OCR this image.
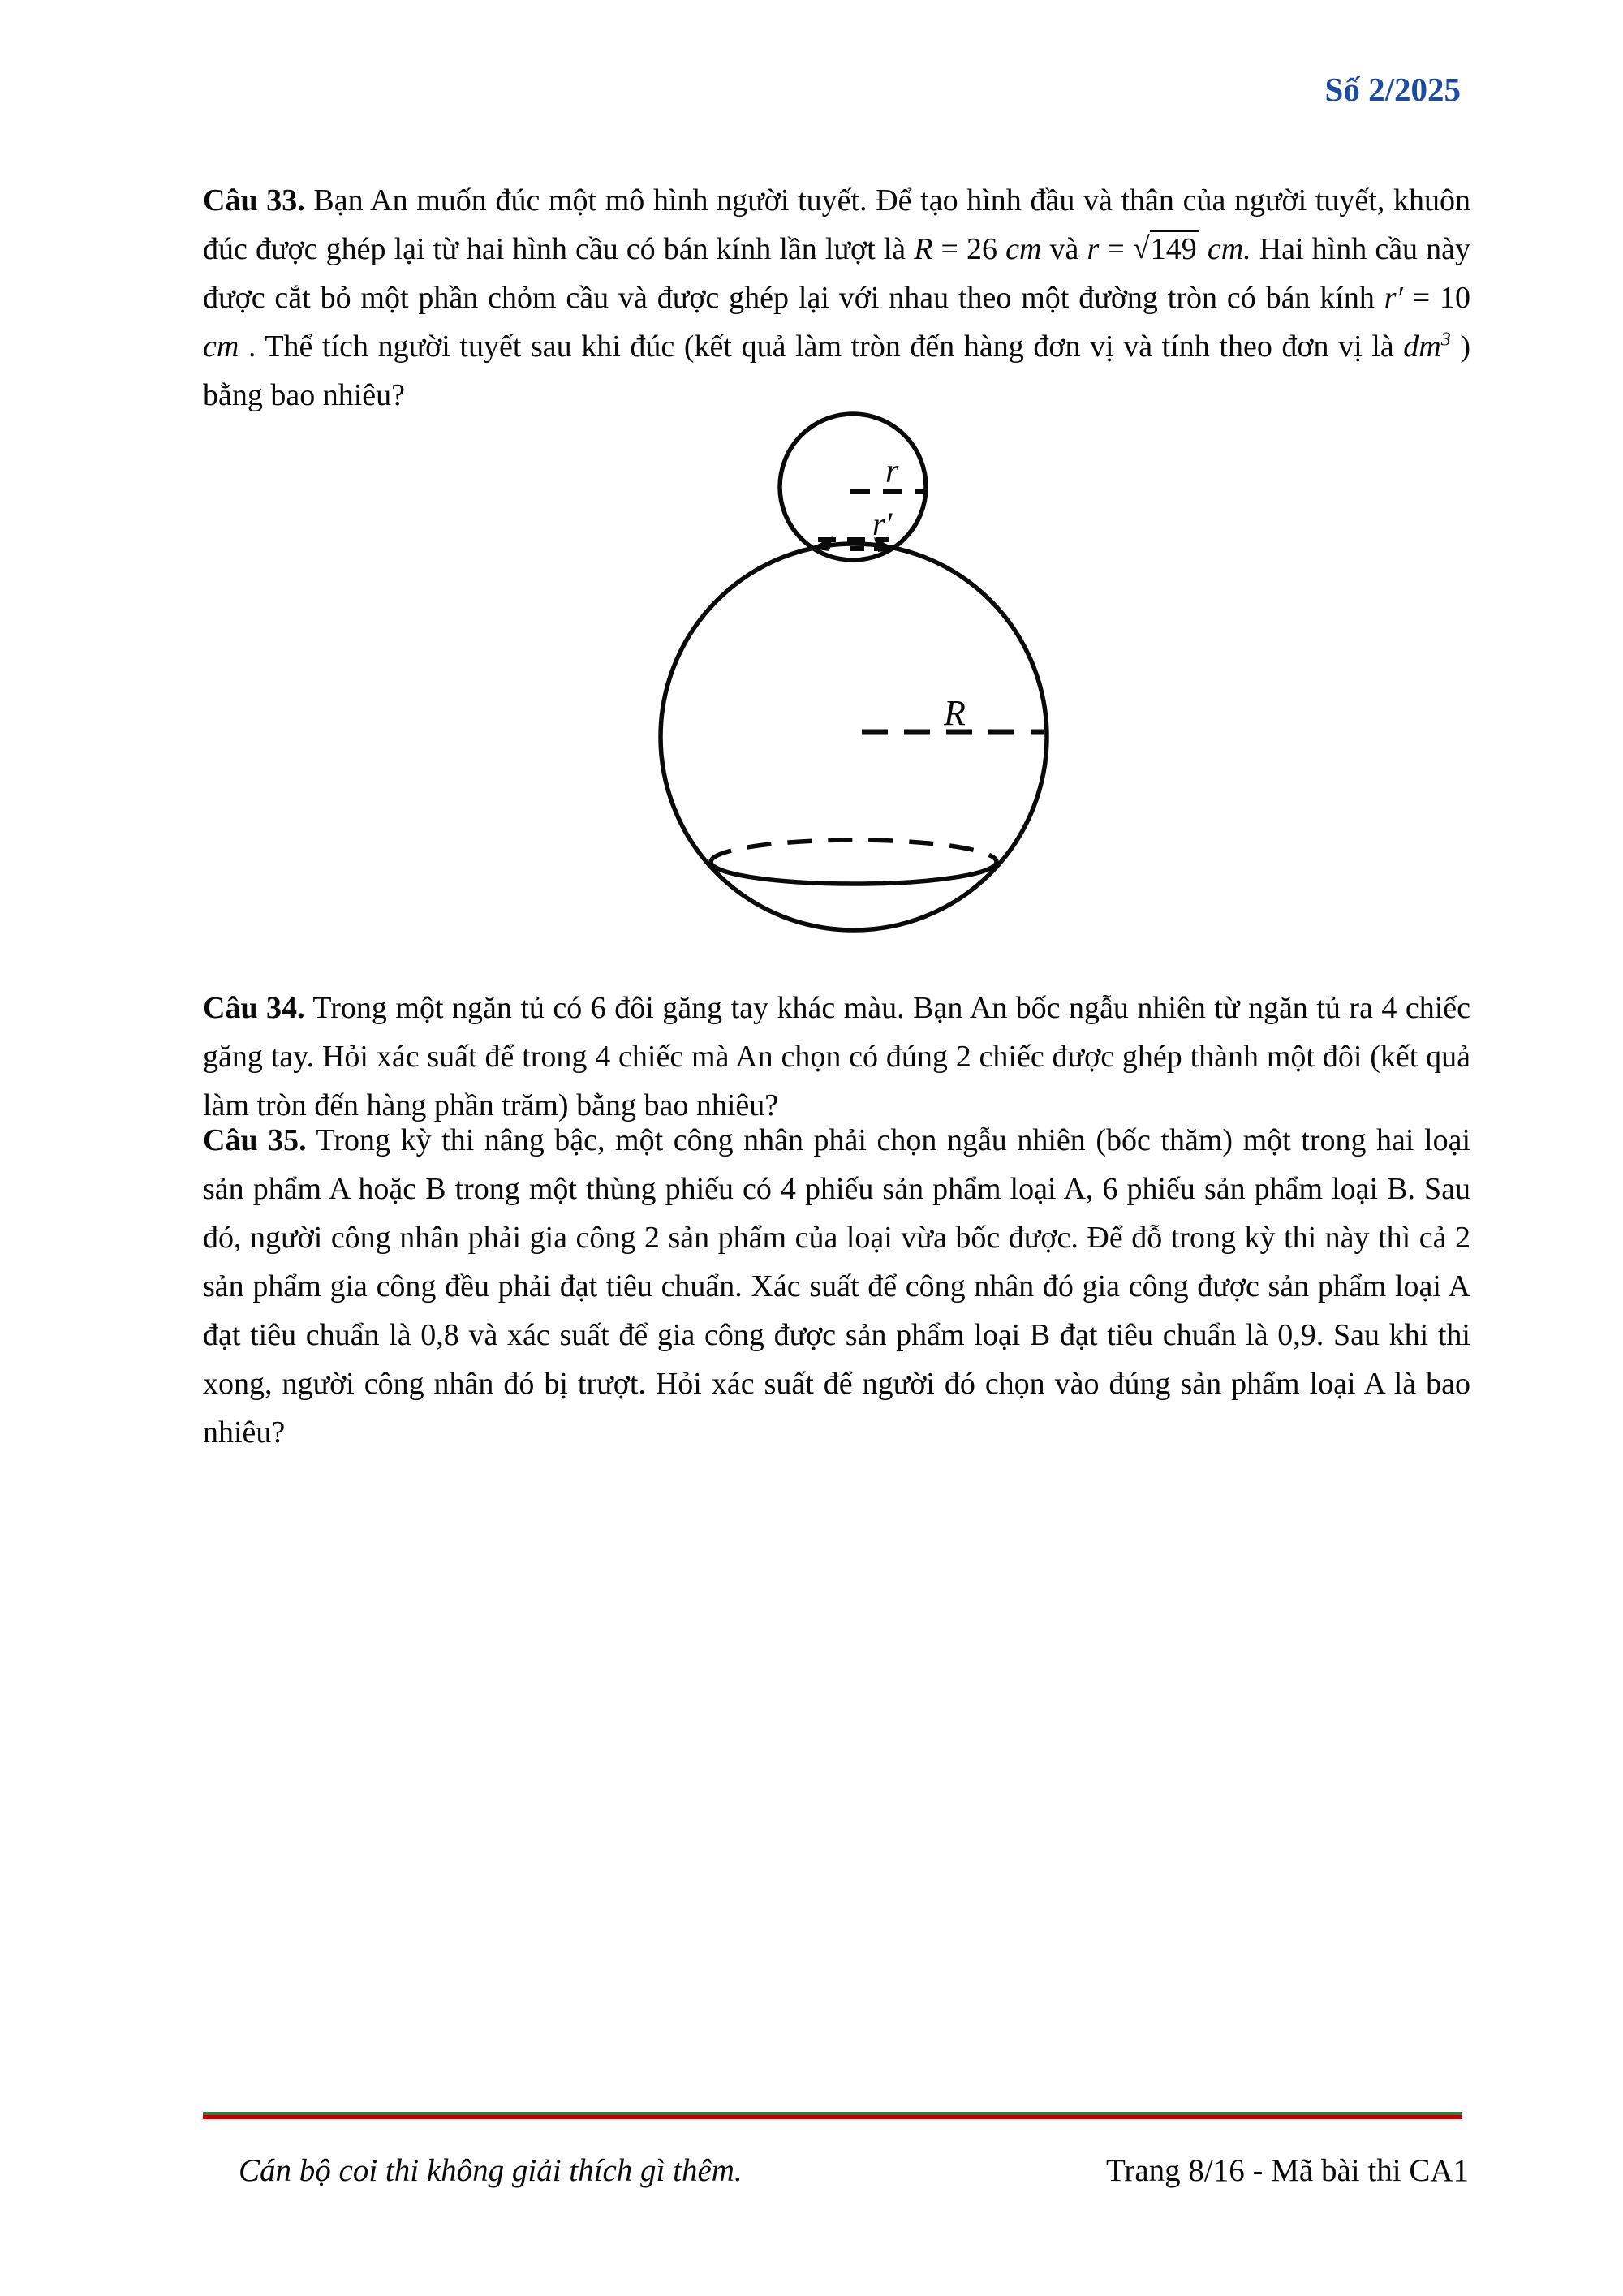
Số 2/2025

Câu 33. Bạn An muốn đúc một mô hình người tuyết. Để tạo hình đầu và thân của người tuyết, khuôn đúc được ghép lại từ hai hình cầu có bán kính lần lượt là R = 26 cm và r = √149 cm. Hai hình cầu này được cắt bỏ một phần chỏm cầu và được ghép lại với nhau theo một đường tròn có bán kính r′ = 10 cm . Thể tích người tuyết sau khi đúc (kết quả làm tròn đến hàng đơn vị và tính theo đơn vị là $dm^3$ ) bằng bao nhiêu?

r
r′
R

Câu 34. Trong một ngăn tủ có 6 đôi găng tay khác màu. Bạn An bốc ngẫu nhiên từ ngăn tủ ra 4 chiếc găng tay. Hỏi xác suất để trong 4 chiếc mà An chọn có đúng 2 chiếc được ghép thành một đôi (kết quả làm tròn đến hàng phần trăm) bằng bao nhiêu?

Câu 35. Trong kỳ thi nâng bậc, một công nhân phải chọn ngẫu nhiên (bốc thăm) một trong hai loại sản phẩm A hoặc B trong một thùng phiếu có 4 phiếu sản phẩm loại A, 6 phiếu sản phẩm loại B. Sau đó, người công nhân phải gia công 2 sản phẩm của loại vừa bốc được. Để đỗ trong kỳ thi này thì cả 2 sản phẩm gia công đều phải đạt tiêu chuẩn. Xác suất để công nhân đó gia công được sản phẩm loại A đạt tiêu chuẩn là 0,8 và xác suất để gia công được sản phẩm loại B đạt tiêu chuẩn là 0,9. Sau khi thi xong, người công nhân đó bị trượt. Hỏi xác suất để người đó chọn vào đúng sản phẩm loại A là bao nhiêu?

Trang 8/16 - Mã bài thi CA1
Cán bộ coi thi không giải thích gì thêm.
